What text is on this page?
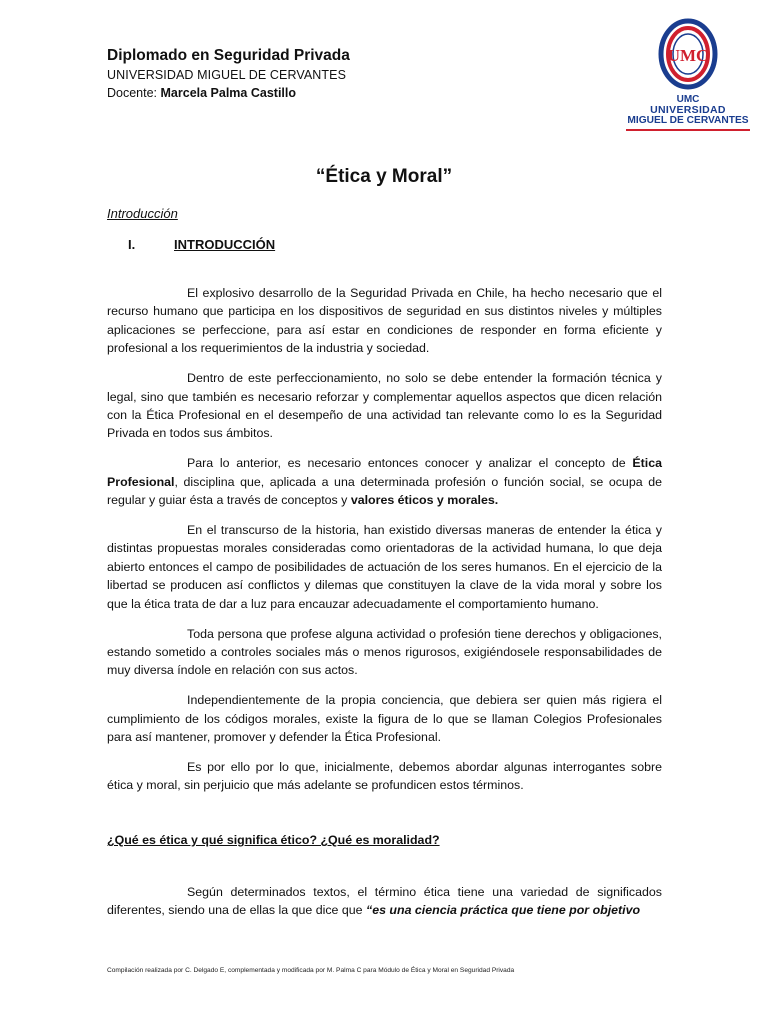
Diplomado en Seguridad Privada

UNIVERSIDAD MIGUEL DE CERVANTES

Docente: Marcela Palma Castillo

UMC
UMC
UNIVERSIDAD
MIGUEL DE CERVANTES
“Ética y Moral”
Introducción
I.	INTRODUCCIÓN

El explosivo desarrollo de la Seguridad Privada en Chile, ha hecho necesario que el recurso humano que participa en los dispositivos de seguridad en sus distintos niveles y múltiples aplicaciones se perfeccione, para así estar en condiciones de responder en forma eficiente y profesional a los requerimientos de la industria y sociedad.

Dentro de este perfeccionamiento, no solo se debe entender la formación técnica y legal, sino que también es necesario reforzar y complementar aquellos aspectos que dicen relación con la Ética Profesional en el desempeño de una actividad tan relevante como lo es la Seguridad Privada en todos sus ámbitos.

Para lo anterior, es necesario entonces conocer y analizar el concepto de Ética Profesional, disciplina que, aplicada a una determinada profesión o función social, se ocupa de regular y guiar ésta a través de conceptos y valores éticos y morales.

En el transcurso de la historia, han existido diversas maneras de entender la ética y distintas propuestas morales consideradas como orientadoras de la actividad humana, lo que deja abierto entonces el campo de posibilidades de actuación de los seres humanos. En el ejercicio de la libertad se producen así conflictos y dilemas que constituyen la clave de la vida moral y sobre los que la ética trata de dar a luz para encauzar adecuadamente el comportamiento humano.

Toda persona que profese alguna actividad o profesión tiene derechos y obligaciones, estando sometido a controles sociales más o menos rigurosos, exigiéndosele responsabilidades de muy diversa índole en relación con sus actos.

Independientemente de la propia conciencia, que debiera ser quien más rigiera el cumplimiento de los códigos morales, existe la figura de lo que se llaman Colegios Profesionales para así mantener, promover y defender la Ética Profesional.

Es por ello por lo que, inicialmente, debemos abordar algunas interrogantes sobre ética y moral, sin perjuicio que más adelante se profundicen estos términos.

¿Qué es ética y qué significa ético? ¿Qué es moralidad?

Según determinados textos, el término ética tiene una variedad de significados diferentes, siendo una de ellas la que dice que “es una ciencia práctica que tiene por objetivo

Compilación realizada por C. Delgado E, complementada y modificada por M. Palma C para Módulo de Ética y Moral en Seguridad Privada
